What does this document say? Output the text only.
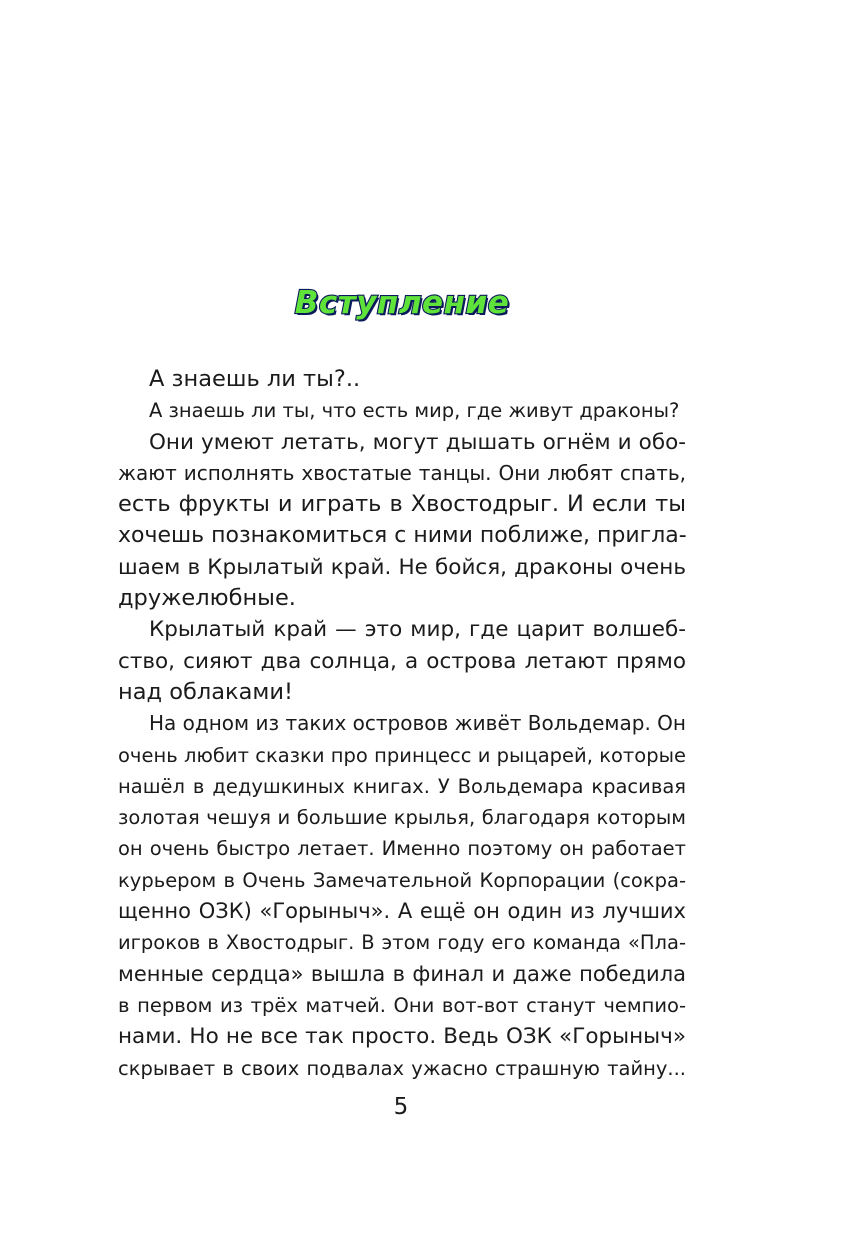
Вступление
А знаешь ли ты?..
А знаешь ли ты, что есть мир, где живут драконы?
Они умеют летать, могут дышать огнём и обо-
жают исполнять хвостатые танцы. Они любят спать,
есть фрукты и играть в Хвостодрыг. И если ты
хочешь познакомиться с ними поближе, пригла-
шаем в Крылатый край. Не бойся, драконы очень
дружелюбные.
Крылатый край — это мир, где царит волшеб-
ство, сияют два солнца, а острова летают прямо
над облаками!
На одном из таких островов живёт Вольдемар. Он
очень любит сказки про принцесс и рыцарей, которые
нашёл в дедушкиных книгах. У Вольдемара красивая
золотая чешуя и большие крылья, благодаря которым
он очень быстро летает. Именно поэтому он работает
курьером в Очень Замечательной Корпорации (сокра-
щенно ОЗК) «Горыныч». А ещё он один из лучших
игроков в Хвостодрыг. В этом году его команда «Пла-
менные сердца» вышла в финал и даже победила
в первом из трёх матчей. Они вот-вот станут чемпио-
нами. Но не все так просто. Ведь ОЗК «Горыныч»
скрывает в своих подвалах ужасно страшную тайну...
5
